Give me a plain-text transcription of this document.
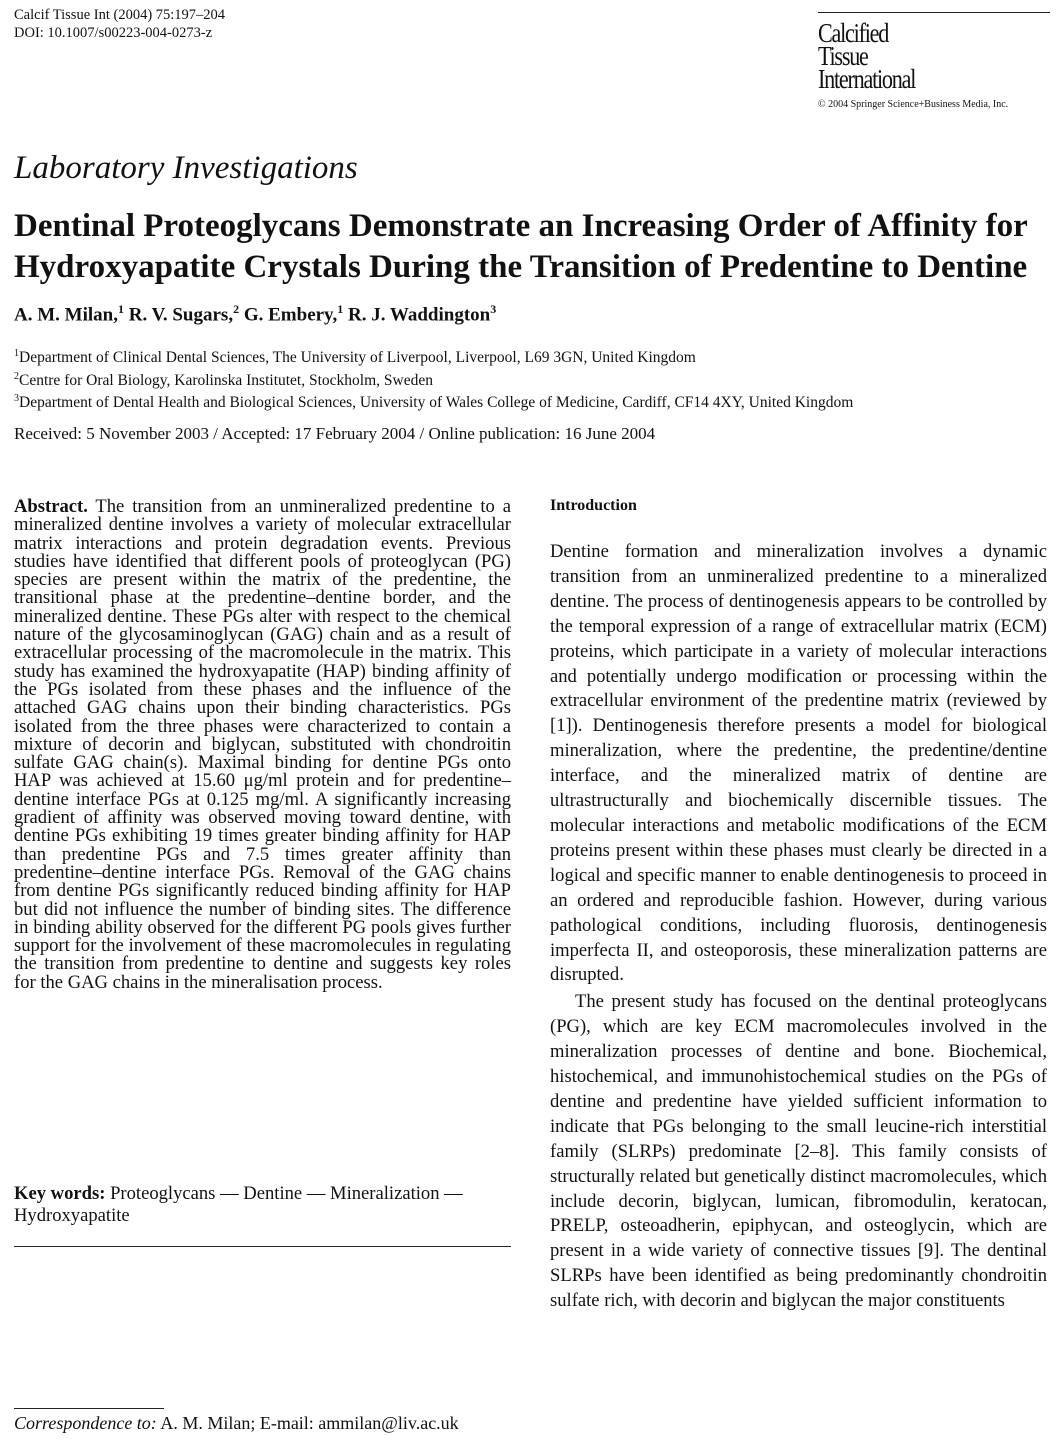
Calcif Tissue Int (2004) 75:197–204
DOI: 10.1007/s00223-004-0273-z	Calcified
Tissue
International
© 2004 Springer Science+Business Media, Inc.
Laboratory Investigations
Dentinal Proteoglycans Demonstrate an Increasing Order of Affinity for Hydroxyapatite Crystals During the Transition of Predentine to Dentine
A. M. Milan,$^1$ R. V. Sugars,$^2$ G. Embery,$^1$ R. J. Waddington$^3$
$^1$Department of Clinical Dental Sciences, The University of Liverpool, Liverpool, L69 3GN, United Kingdom
$^2$Centre for Oral Biology, Karolinska Institutet, Stockholm, Sweden
$^3$Department of Dental Health and Biological Sciences, University of Wales College of Medicine, Cardiff, CF14 4XY, United Kingdom
Received: 5 November 2003 / Accepted: 17 February 2004 / Online publication: 16 June 2004
Abstract. The transition from an unmineralized predentine to a mineralized dentine involves a variety of molecular extracellular matrix interactions and protein degradation events. Previous studies have identified that different pools of proteoglycan (PG) species are present within the matrix of the predentine, the transitional phase at the predentine–dentine border, and the mineralized dentine. These PGs alter with respect to the chemical nature of the glycosaminoglycan (GAG) chain and as a result of extracellular processing of the macromolecule in the matrix. This study has examined the hydroxyapatite (HAP) binding affinity of the PGs isolated from these phases and the influence of the attached GAG chains upon their binding characteristics. PGs isolated from the three phases were characterized to contain a mixture of decorin and biglycan, substituted with chondroitin sulfate GAG chain(s). Maximal binding for dentine PGs onto HAP was achieved at 15.60 μg/ml protein and for predentine–dentine interface PGs at 0.125 mg/ml. A significantly increasing gradient of affinity was observed moving toward dentine, with dentine PGs exhibiting 19 times greater binding affinity for HAP than predentine PGs and 7.5 times greater affinity than predentine–dentine interface PGs. Removal of the GAG chains from dentine PGs significantly reduced binding affinity for HAP but did not influence the number of binding sites. The difference in binding ability observed for the different PG pools gives further support for the involvement of these macromolecules in regulating the transition from predentine to dentine and suggests key roles for the GAG chains in the mineralisation process.
Key words: Proteoglycans — Dentine — Mineralization — Hydroxyapatite
Correspondence to: A. M. Milan; E-mail: ammilan@liv.ac.uk
Introduction

Dentine formation and mineralization involves a dynamic transition from an unmineralized predentine to a mineralized dentine. The process of dentinogenesis appears to be controlled by the temporal expression of a range of extracellular matrix (ECM) proteins, which participate in a variety of molecular interactions and potentially undergo modification or processing within the extracellular environment of the predentine matrix (reviewed by [1]). Dentinogenesis therefore presents a model for biological mineralization, where the predentine, the predentine/dentine interface, and the mineralized matrix of dentine are ultrastructurally and biochemically discernible tissues. The molecular interactions and metabolic modifications of the ECM proteins present within these phases must clearly be directed in a logical and specific manner to enable dentinogenesis to proceed in an ordered and reproducible fashion. However, during various pathological conditions, including fluorosis, dentinogenesis imperfecta II, and osteoporosis, these mineralization patterns are disrupted.

The present study has focused on the dentinal proteoglycans (PG), which are key ECM macromolecules involved in the mineralization processes of dentine and bone. Biochemical, histochemical, and immunohistochemical studies on the PGs of dentine and predentine have yielded sufficient information to indicate that PGs belonging to the small leucine-rich interstitial family (SLRPs) predominate [2–8]. This family consists of structurally related but genetically distinct macromolecules, which include decorin, biglycan, lumican, fibromodulin, keratocan, PRELP, osteoadherin, epiphycan, and osteoglycin, which are present in a wide variety of connective tissues [9]. The dentinal SLRPs have been identified as being predominantly chondroitin sulfate rich, with decorin and biglycan the major constituents
